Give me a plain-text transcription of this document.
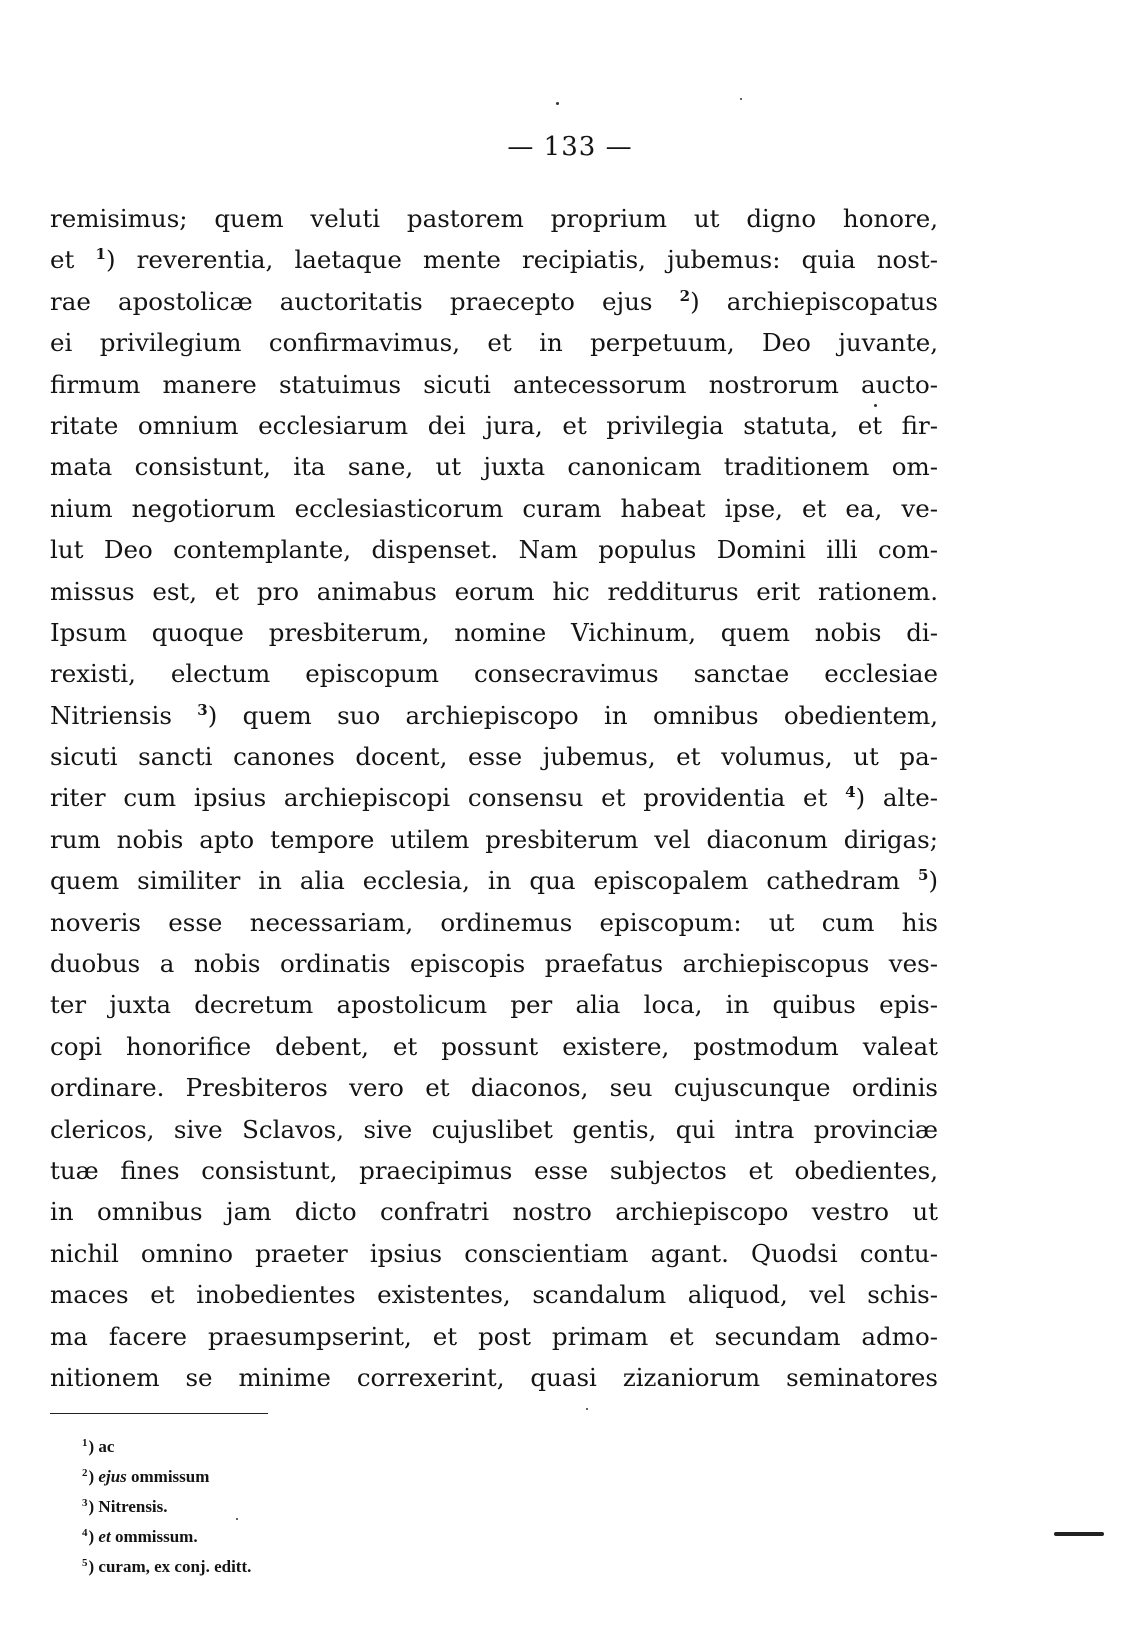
— 133 —
remisimus; quem veluti pastorem proprium ut digno honore,
et $^1$) reverentia, laetaque mente recipiatis, jubemus: quia nost-
rae apostolicæ auctoritatis praecepto ejus $^2$) archiepiscopatus
ei privilegium confirmavimus, et in perpetuum, Deo juvante,
firmum manere statuimus sicuti antecessorum nostrorum aucto-
ritate omnium ecclesiarum dei jura, et privilegia statuta, et fir-
mata consistunt, ita sane, ut juxta canonicam traditionem om-
nium negotiorum ecclesiasticorum curam habeat ipse, et ea, ve-
lut Deo contemplante, dispenset. Nam populus Domini illi com-
missus est, et pro animabus eorum hic redditurus erit rationem.
Ipsum quoque presbiterum, nomine Vichinum, quem nobis di-
rexisti, electum episcopum consecravimus sanctae ecclesiae
Nitriensis $^3$) quem suo archiepiscopo in omnibus obedientem,
sicuti sancti canones docent, esse jubemus, et volumus, ut pa-
riter cum ipsius archiepiscopi consensu et providentia et $^4$) alte-
rum nobis apto tempore utilem presbiterum vel diaconum dirigas;
quem similiter in alia ecclesia, in qua episcopalem cathedram $^5$)
noveris esse necessariam, ordinemus episcopum: ut cum his
duobus a nobis ordinatis episcopis praefatus archiepiscopus ves-
ter juxta decretum apostolicum per alia loca, in quibus epis-
copi honorifice debent, et possunt existere, postmodum valeat
ordinare. Presbiteros vero et diaconos, seu cujuscunque ordinis
clericos, sive Sclavos, sive cujuslibet gentis, qui intra provinciæ
tuæ fines consistunt, praecipimus esse subjectos et obedientes,
in omnibus jam dicto confratri nostro archiepiscopo vestro ut
nichil omnino praeter ipsius conscientiam agant. Quodsi contu-
maces et inobedientes existentes, scandalum aliquod, vel schis-
ma facere praesumpserint, et post primam et secundam admo-
nitionem se minime correxerint, quasi zizaniorum seminatores
$^1$) ac
$^2$) ejus ommissum
$^3$) Nitrensis.
$^4$) et ommissum.
$^5$) curam, ex conj. editt.
